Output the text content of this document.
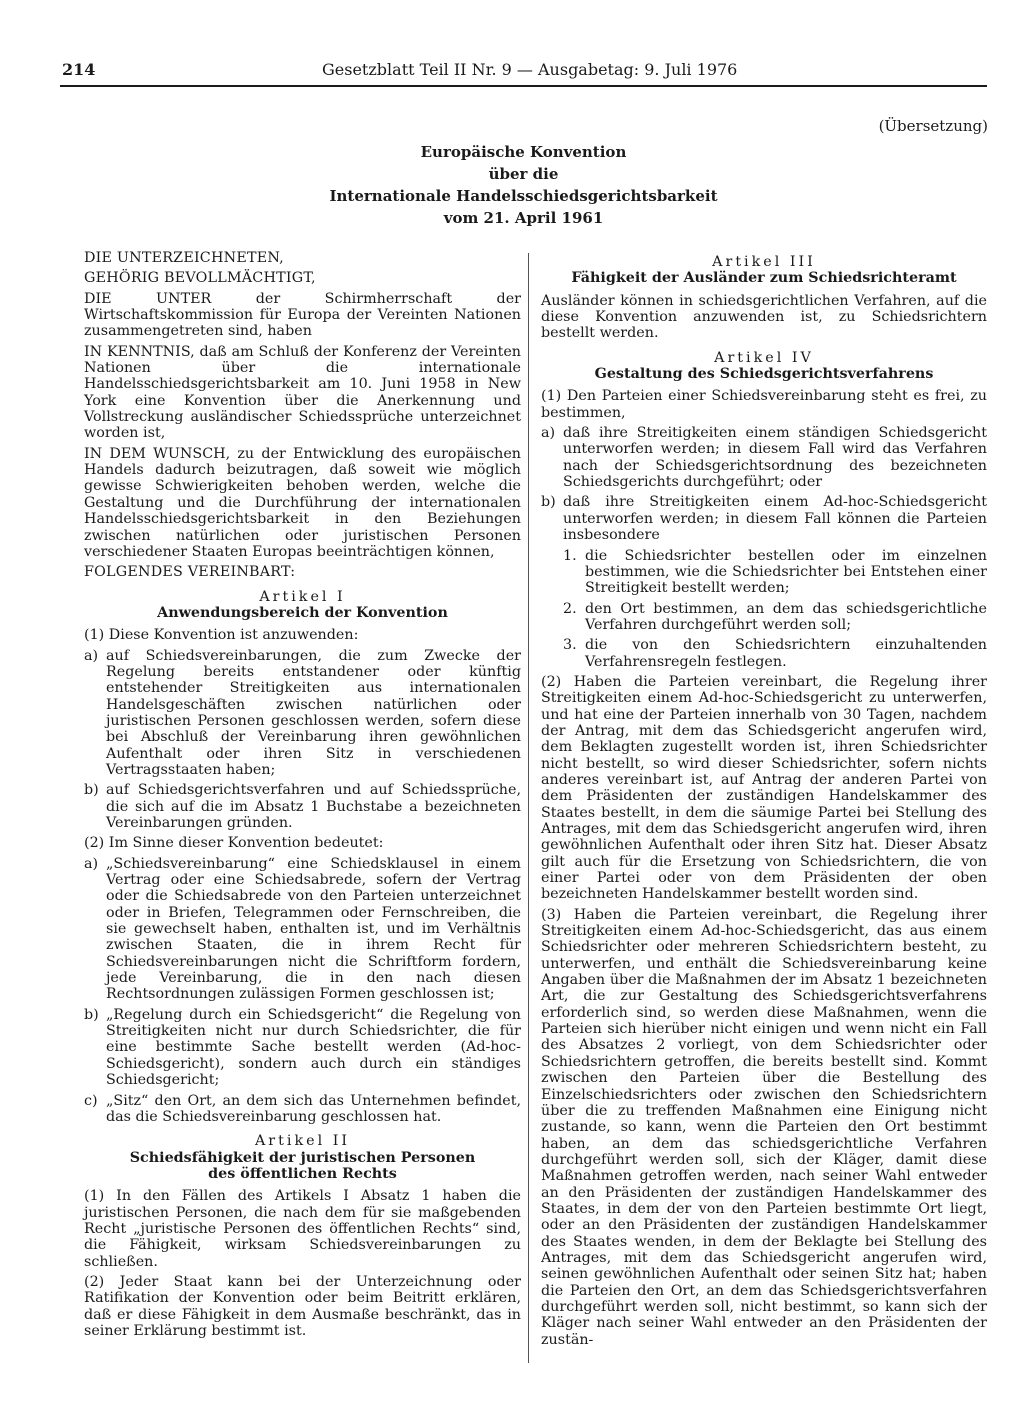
214	Gesetzblatt Teil II Nr. 9 — Ausgabetag: 9. Juli 1976
(Übersetzung)
Europäische Konvention
über die
Internationale Handelsschiedsgerichtsbarkeit
vom 21. April 1961

DIE UNTERZEICHNETEN,

GEHÖRIG BEVOLLMÄCHTIGT,

DIE UNTER der Schirmherrschaft der Wirtschaftskommission für Europa der Vereinten Nationen zusammengetreten sind, haben

IN KENNTNIS, daß am Schluß der Konferenz der Vereinten Nationen über die internationale Handelsschiedsgerichtsbarkeit am 10. Juni 1958 in New York eine Konvention über die Anerkennung und Vollstreckung ausländischer Schiedssprüche unterzeichnet worden ist,

IN DEM WUNSCH, zu der Entwicklung des europäischen Handels dadurch beizutragen, daß soweit wie möglich gewisse Schwierigkeiten behoben werden, welche die Gestaltung und die Durchführung der internationalen Handelsschiedsgerichtsbarkeit in den Beziehungen zwischen natürlichen oder juristischen Personen verschiedener Staaten Europas beeinträchtigen können,

FOLGENDES VEREINBART:

Artikel I

Anwendungsbereich der Konvention

(1) Diese Konvention ist anzuwenden:

a) auf Schiedsvereinbarungen, die zum Zwecke der Regelung bereits entstandener oder künftig entstehender Streitigkeiten aus internationalen Handelsgeschäften zwischen natürlichen oder juristischen Personen geschlossen werden, sofern diese bei Abschluß der Vereinbarung ihren gewöhnlichen Aufenthalt oder ihren Sitz in verschiedenen Vertragsstaaten haben;
b) auf Schiedsgerichtsverfahren und auf Schiedssprüche, die sich auf die im Absatz 1 Buchstabe a bezeichneten Vereinbarungen gründen.

(2) Im Sinne dieser Konvention bedeutet:

a) „Schiedsvereinbarung“ eine Schiedsklausel in einem Vertrag oder eine Schiedsabrede, sofern der Vertrag oder die Schiedsabrede von den Parteien unterzeichnet oder in Briefen, Telegrammen oder Fernschreiben, die sie gewechselt haben, enthalten ist, und im Verhältnis zwischen Staaten, die in ihrem Recht für Schiedsvereinbarungen nicht die Schriftform fordern, jede Vereinbarung, die in den nach diesen Rechtsordnungen zulässigen Formen geschlossen ist;
b) „Regelung durch ein Schiedsgericht“ die Regelung von Streitigkeiten nicht nur durch Schiedsrichter, die für eine bestimmte Sache bestellt werden (Ad-hoc-Schiedsgericht), sondern auch durch ein ständiges Schiedsgericht;
c) „Sitz“ den Ort, an dem sich das Unternehmen befindet, das die Schiedsvereinbarung geschlossen hat.

Artikel II

Schiedsfähigkeit der juristischen Personen

des öffentlichen Rechts

(1) In den Fällen des Artikels I Absatz 1 haben die juristischen Personen, die nach dem für sie maßgebenden Recht „juristische Personen des öffentlichen Rechts“ sind, die Fähigkeit, wirksam Schiedsvereinbarungen zu schließen.

(2) Jeder Staat kann bei der Unterzeichnung oder Ratifikation der Konvention oder beim Beitritt erklären, daß er diese Fähigkeit in dem Ausmaße beschränkt, das in seiner Erklärung bestimmt ist.

Artikel III

Fähigkeit der Ausländer zum Schiedsrichteramt

Ausländer können in schiedsgerichtlichen Verfahren, auf die diese Konvention anzuwenden ist, zu Schiedsrichtern bestellt werden.

Artikel IV

Gestaltung des Schiedsgerichtsverfahrens

(1) Den Parteien einer Schiedsvereinbarung steht es frei, zu bestimmen,

a) daß ihre Streitigkeiten einem ständigen Schiedsgericht unterworfen werden; in diesem Fall wird das Verfahren nach der Schiedsgerichtsordnung des bezeichneten Schiedsgerichts durchgeführt; oder
b) daß ihre Streitigkeiten einem Ad-hoc-Schiedsgericht unterworfen werden; in diesem Fall können die Parteien insbesondere
1. die Schiedsrichter bestellen oder im einzelnen bestimmen, wie die Schiedsrichter bei Entstehen einer Streitigkeit bestellt werden;
2. den Ort bestimmen, an dem das schiedsgerichtliche Verfahren durchgeführt werden soll;
3. die von den Schiedsrichtern einzuhaltenden Verfahrensregeln festlegen.

(2) Haben die Parteien vereinbart, die Regelung ihrer Streitigkeiten einem Ad-hoc-Schiedsgericht zu unterwerfen, und hat eine der Parteien innerhalb von 30 Tagen, nachdem der Antrag, mit dem das Schiedsgericht angerufen wird, dem Beklagten zugestellt worden ist, ihren Schiedsrichter nicht bestellt, so wird dieser Schiedsrichter, sofern nichts anderes vereinbart ist, auf Antrag der anderen Partei von dem Präsidenten der zuständigen Handelskammer des Staates bestellt, in dem die säumige Partei bei Stellung des Antrages, mit dem das Schiedsgericht angerufen wird, ihren gewöhnlichen Aufenthalt oder ihren Sitz hat. Dieser Absatz gilt auch für die Ersetzung von Schiedsrichtern, die von einer Partei oder von dem Präsidenten der oben bezeichneten Handelskammer bestellt worden sind.

(3) Haben die Parteien vereinbart, die Regelung ihrer Streitigkeiten einem Ad-hoc-Schiedsgericht, das aus einem Schiedsrichter oder mehreren Schiedsrichtern besteht, zu unterwerfen, und enthält die Schiedsvereinbarung keine Angaben über die Maßnahmen der im Absatz 1 bezeichneten Art, die zur Gestaltung des Schiedsgerichtsverfahrens erforderlich sind, so werden diese Maßnahmen, wenn die Parteien sich hierüber nicht einigen und wenn nicht ein Fall des Absatzes 2 vorliegt, von dem Schiedsrichter oder Schiedsrichtern getroffen, die bereits bestellt sind. Kommt zwischen den Parteien über die Bestellung des Einzelschiedsrichters oder zwischen den Schiedsrichtern über die zu treffenden Maßnahmen eine Einigung nicht zustande, so kann, wenn die Parteien den Ort bestimmt haben, an dem das schiedsgerichtliche Verfahren durchgeführt werden soll, sich der Kläger, damit diese Maßnahmen getroffen werden, nach seiner Wahl entweder an den Präsidenten der zuständigen Handelskammer des Staates, in dem der von den Parteien bestimmte Ort liegt, oder an den Präsidenten der zuständigen Handelskammer des Staates wenden, in dem der Beklagte bei Stellung des Antrages, mit dem das Schiedsgericht angerufen wird, seinen gewöhnlichen Aufenthalt oder seinen Sitz hat; haben die Parteien den Ort, an dem das Schiedsgerichtsverfahren durchgeführt werden soll, nicht bestimmt, so kann sich der Kläger nach seiner Wahl entweder an den Präsidenten der zustän-
